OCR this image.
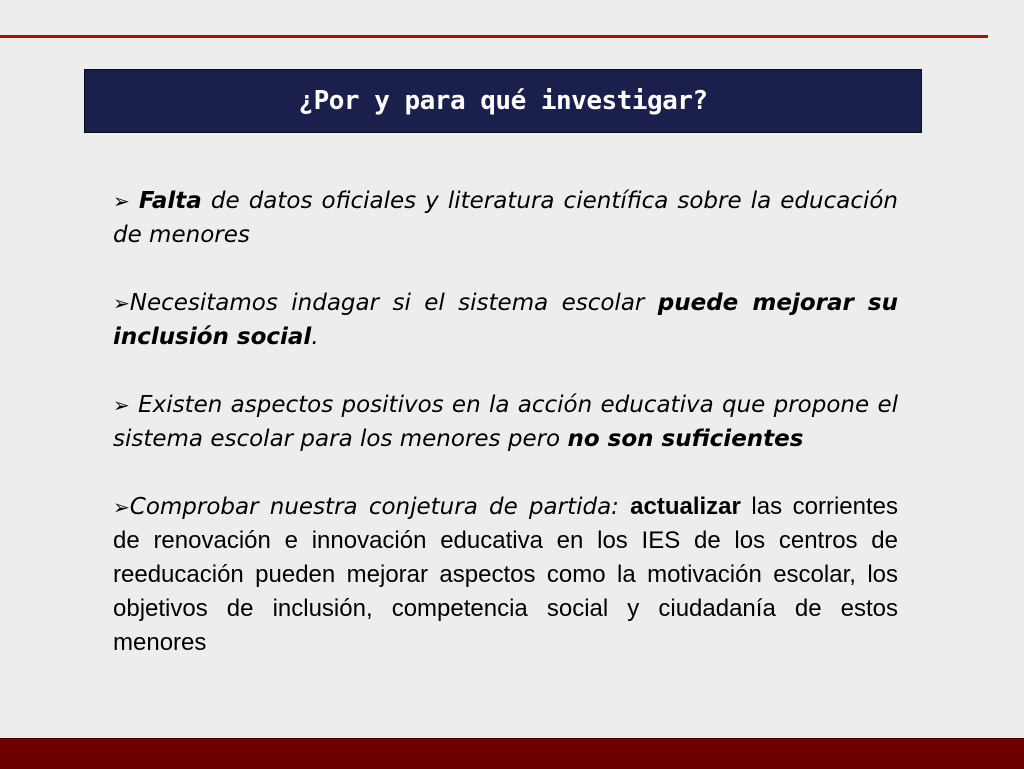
¿Por y para qué investigar?

➢ Falta de datos oficiales y literatura científica sobre la educación de menores

➢Necesitamos indagar si el sistema escolar puede mejorar su inclusión social.

➢ Existen aspectos positivos en la acción educativa que propone el sistema escolar para los menores pero no son suficientes

➢Comprobar nuestra conjetura de partida: actualizar las corrientes de renovación e innovación educativa en los IES de los centros de reeducación pueden mejorar aspectos como la motivación escolar, los objetivos de inclusión, competencia social y ciudadanía de estos menores
